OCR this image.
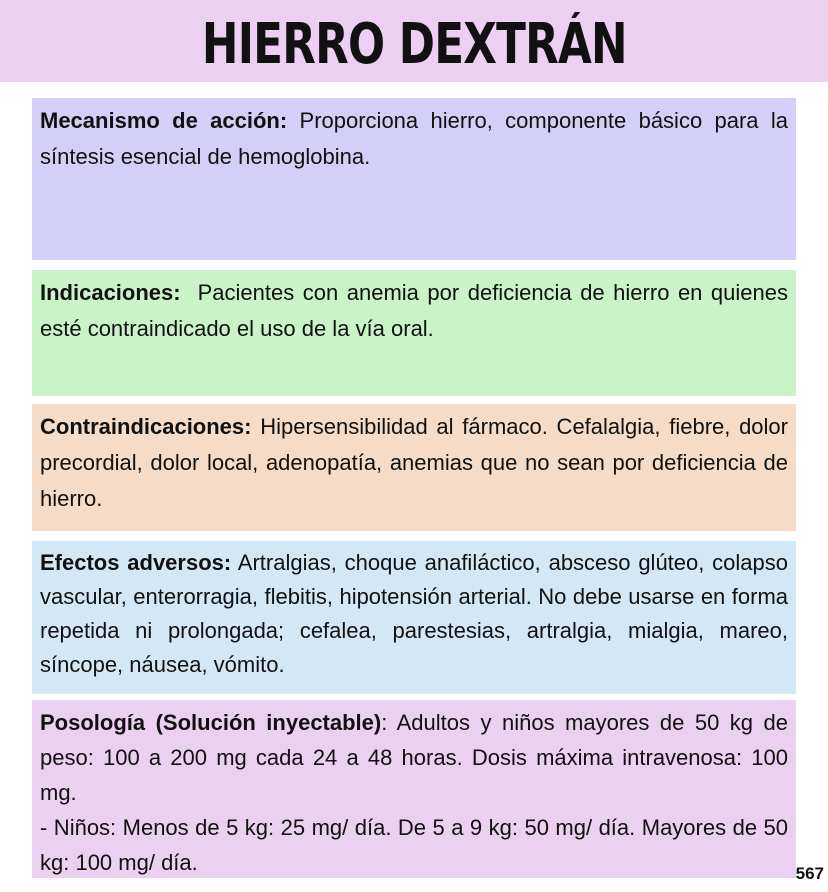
HIERRO DEXTRÁN
Mecanismo de acción: Proporciona hierro, componente básico para la síntesis esencial de hemoglobina.
Indicaciones:  Pacientes con anemia por deficiencia de hierro en quienes esté contraindicado el uso de la vía oral.
Contraindicaciones: Hipersensibilidad al fármaco. Cefalalgia, fiebre, dolor precordial, dolor local, adenopatía, anemias que no sean por deficiencia de hierro.
Efectos adversos: Artralgias, choque anafiláctico, absceso glúteo, colapso vascular, enterorragia, flebitis, hipotensión arterial. No debe usarse en forma repetida ni prolongada; cefalea, parestesias, artralgia, mialgia, mareo, síncope, náusea, vómito.
Posología (Solución inyectable): Adultos y niños mayores de 50 kg de peso: 100 a 200 mg cada 24 a 48 horas. Dosis máxima intravenosa: 100 mg.
- Niños: Menos de 5 kg: 25 mg/ día. De 5 a 9 kg: 50 mg/ día. Mayores de 50 kg: 100 mg/ día.	567
